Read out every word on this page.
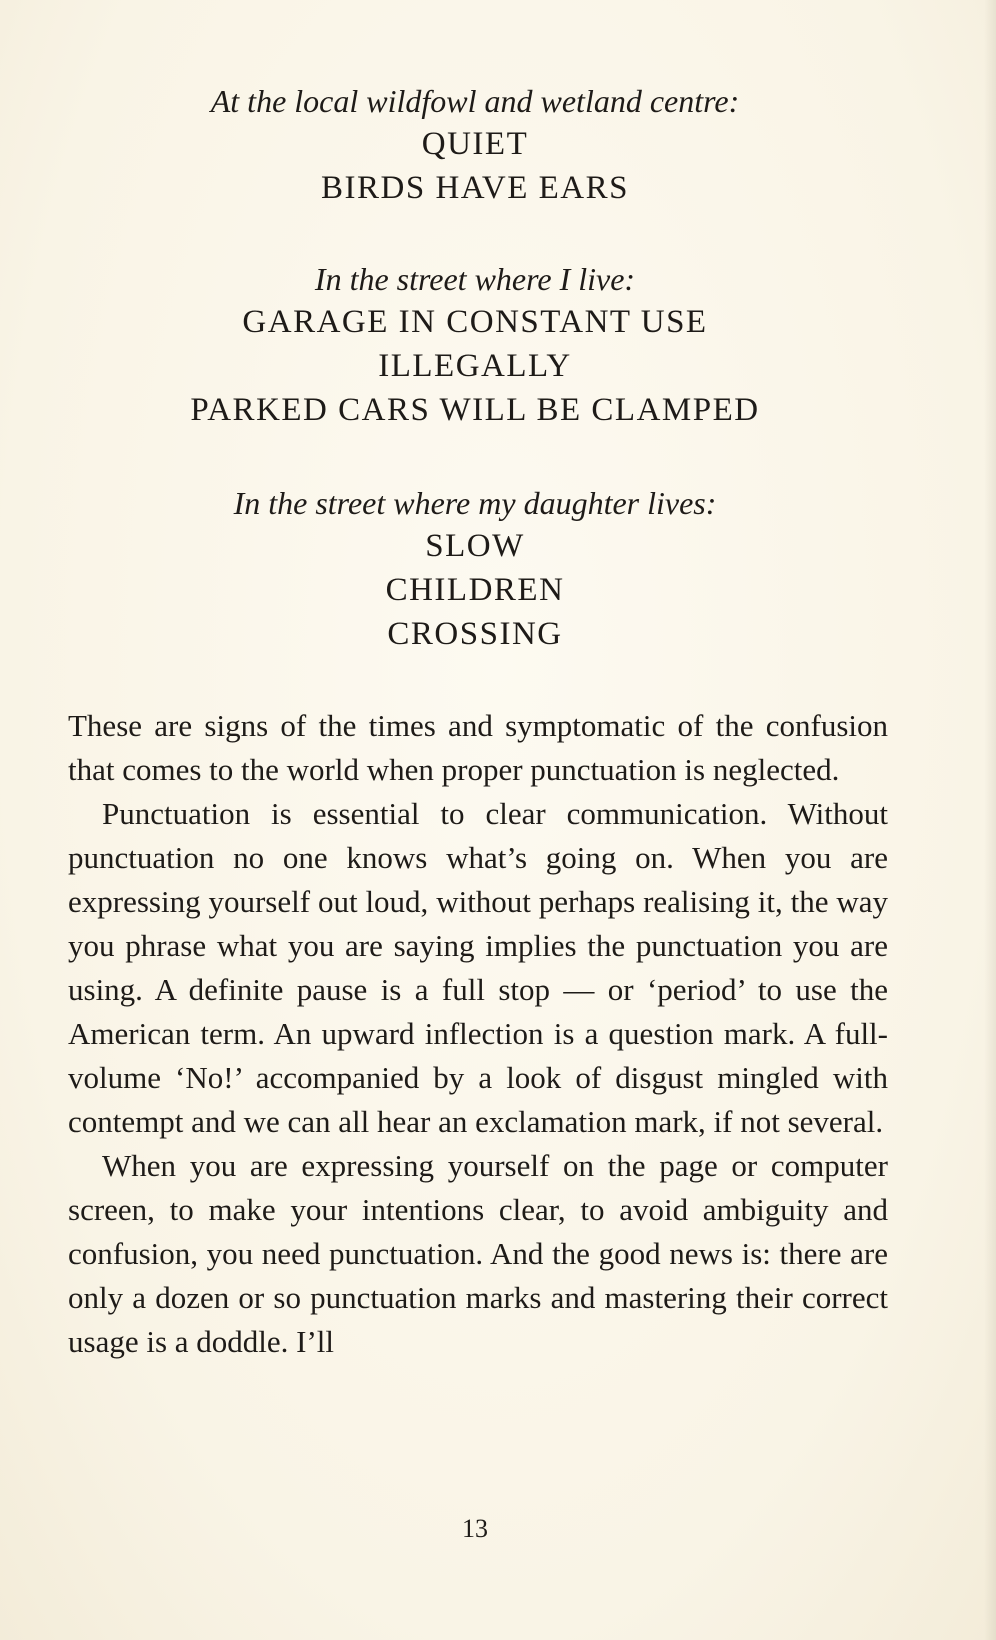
At the local wildfowl and wetland centre:

QUIET

BIRDS HAVE EARS

In the street where I live:

GARAGE IN CONSTANT USE

ILLEGALLY

PARKED CARS WILL BE CLAMPED

In the street where my daughter lives:

SLOW

CHILDREN

CROSSING

These are signs of the times and symptomatic of the confusion that comes to the world when proper punctuation is neglected.

Punctuation is essential to clear communication. Without punctuation no one knows what’s going on. When you are expressing yourself out loud, without perhaps realising it, the way you phrase what you are saying implies the punctuation you are using. A definite pause is a full stop — or ‘period’ to use the American term. An upward inflection is a question mark. A full-volume ‘No!’ accompanied by a look of disgust mingled with contempt and we can all hear an exclamation mark, if not several.

When you are expressing yourself on the page or computer screen, to make your intentions clear, to avoid ambiguity and confusion, you need punctuation. And the good news is: there are only a dozen or so punctuation marks and mastering their correct usage is a doddle. I’ll

13
